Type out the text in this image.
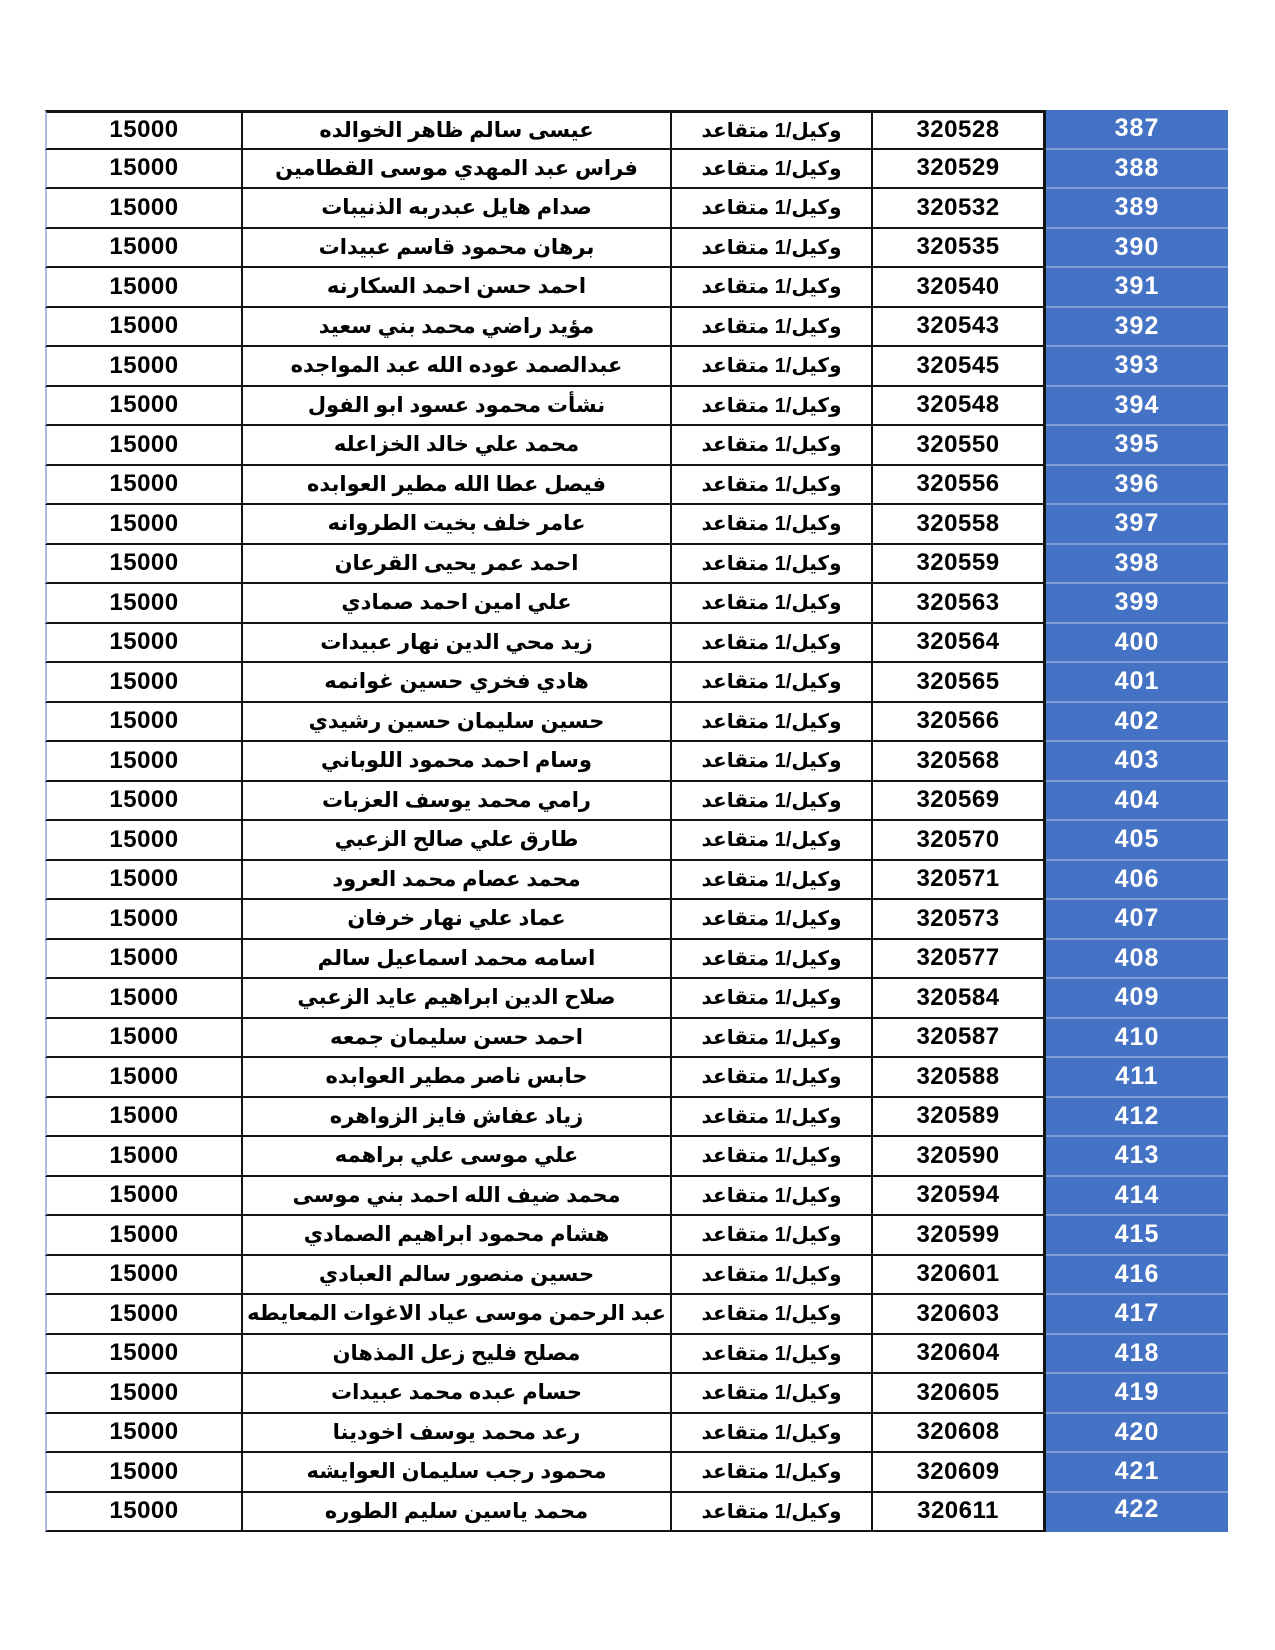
15000	عيسى سالم ظاهر الخوالده	وكيل/1 متقاعد	320528	387
15000	فراس عبد المهدي موسى القطامين	وكيل/1 متقاعد	320529	388
15000	صدام هايل عبدربه الذنيبات	وكيل/1 متقاعد	320532	389
15000	برهان محمود قاسم عبيدات	وكيل/1 متقاعد	320535	390
15000	احمد حسن احمد السكارنه	وكيل/1 متقاعد	320540	391
15000	مؤيد راضي محمد بني سعيد	وكيل/1 متقاعد	320543	392
15000	عبدالصمد عوده الله عبد المواجده	وكيل/1 متقاعد	320545	393
15000	نشأت محمود عسود ابو الفول	وكيل/1 متقاعد	320548	394
15000	محمد علي خالد الخزاعله	وكيل/1 متقاعد	320550	395
15000	فيصل عطا الله مطير العوابده	وكيل/1 متقاعد	320556	396
15000	عامر خلف بخيت الطروانه	وكيل/1 متقاعد	320558	397
15000	احمد عمر يحيى القرعان	وكيل/1 متقاعد	320559	398
15000	علي امين احمد صمادي	وكيل/1 متقاعد	320563	399
15000	زيد محي الدين نهار عبيدات	وكيل/1 متقاعد	320564	400
15000	هادي فخري حسين غوانمه	وكيل/1 متقاعد	320565	401
15000	حسين سليمان حسين رشيدي	وكيل/1 متقاعد	320566	402
15000	وسام احمد محمود اللوباني	وكيل/1 متقاعد	320568	403
15000	رامي محمد يوسف العزبات	وكيل/1 متقاعد	320569	404
15000	طارق علي صالح الزعبي	وكيل/1 متقاعد	320570	405
15000	محمد عصام محمد العرود	وكيل/1 متقاعد	320571	406
15000	عماد علي نهار خرفان	وكيل/1 متقاعد	320573	407
15000	اسامه محمد اسماعيل سالم	وكيل/1 متقاعد	320577	408
15000	صلاح الدين ابراهيم عايد الزعبي	وكيل/1 متقاعد	320584	409
15000	احمد حسن سليمان جمعه	وكيل/1 متقاعد	320587	410
15000	حابس ناصر مطير العوابده	وكيل/1 متقاعد	320588	411
15000	زياد عفاش فايز الزواهره	وكيل/1 متقاعد	320589	412
15000	علي موسى علي براهمه	وكيل/1 متقاعد	320590	413
15000	محمد ضيف الله احمد بني موسى	وكيل/1 متقاعد	320594	414
15000	هشام محمود ابراهيم الصمادي	وكيل/1 متقاعد	320599	415
15000	حسين منصور سالم العبادي	وكيل/1 متقاعد	320601	416
15000	عبد الرحمن موسى عياد الاغوات المعايطه	وكيل/1 متقاعد	320603	417
15000	مصلح فليح زعل المذهان	وكيل/1 متقاعد	320604	418
15000	حسام عبده محمد عبيدات	وكيل/1 متقاعد	320605	419
15000	رعد محمد يوسف اخودينا	وكيل/1 متقاعد	320608	420
15000	محمود رجب سليمان العوايشه	وكيل/1 متقاعد	320609	421
15000	محمد ياسين سليم الطوره	وكيل/1 متقاعد	320611	422
